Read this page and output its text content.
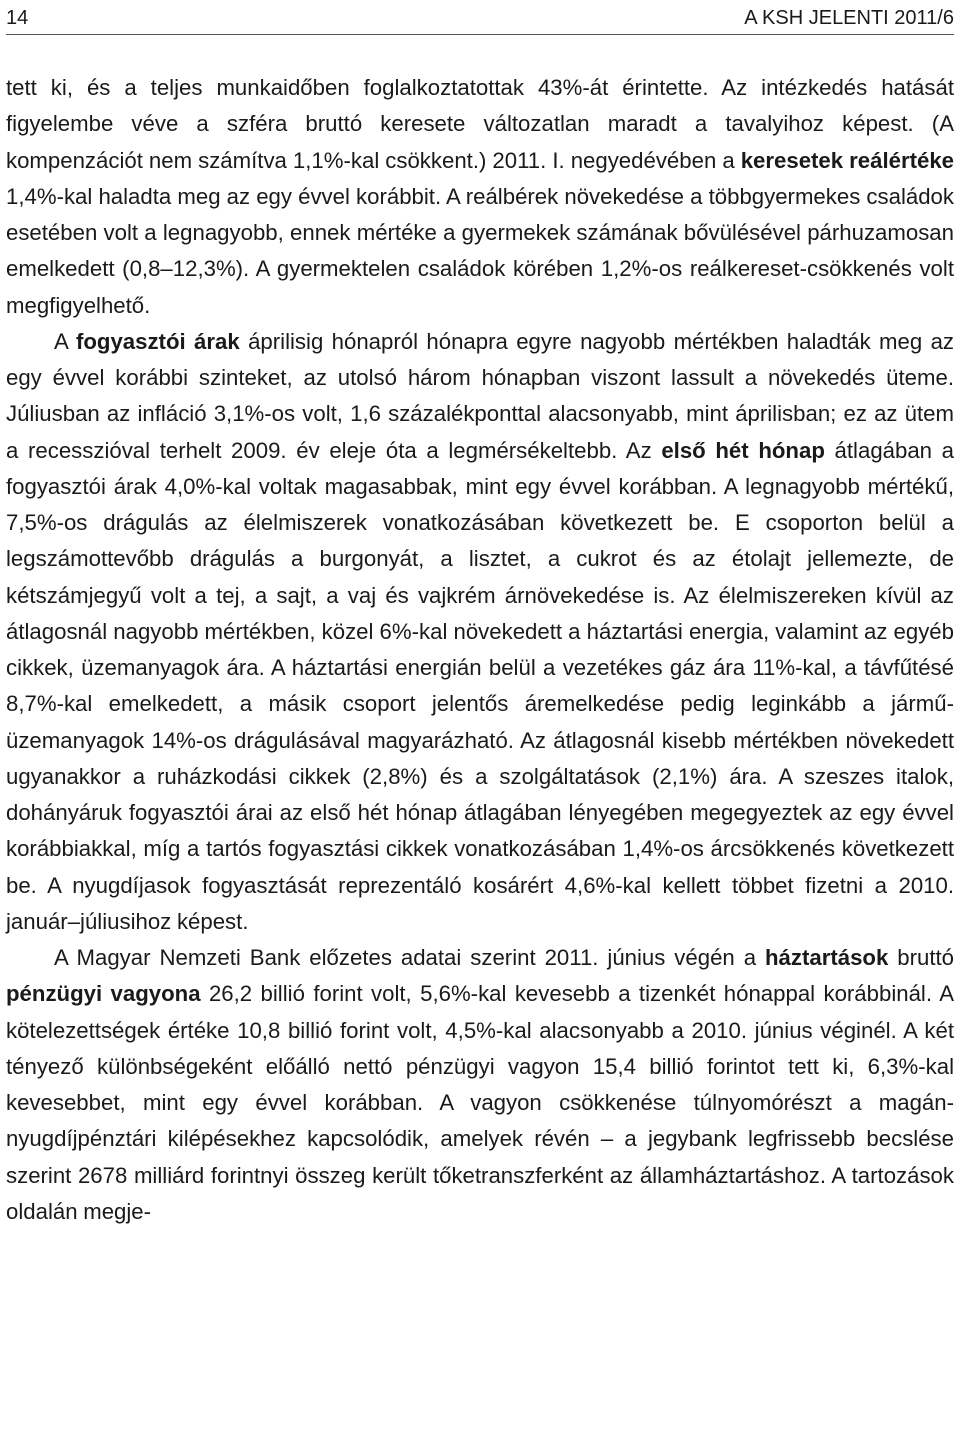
14	A KSH JELENTI 2011/6

tett ki, és a teljes munkaidőben foglalkoztatottak 43%-át érintette. Az intézkedés hatását figyelembe véve a szféra bruttó keresete változatlan maradt a tavalyihoz képest. (A kompenzációt nem számítva 1,1%-kal csökkent.) 2011. I. negyedévében a keresetek reálértéke 1,4%-kal haladta meg az egy évvel korábbit. A reálbérek növekedése a többgyermekes családok esetében volt a legnagyobb, ennek mértéke a gyermekek számának bővülésével párhuzamosan emelkedett (0,8–12,3%). A gyermektelen családok körében 1,2%-os reálkereset-csökkenés volt megfigyelhető.

A fogyasztói árak áprilisig hónapról hónapra egyre nagyobb mértékben haladták meg az egy évvel korábbi szinteket, az utolsó három hónapban viszont lassult a növekedés üteme. Júliusban az infláció 3,1%-os volt, 1,6 százalékponttal alacsonyabb, mint áprilisban; ez az ütem a recesszióval terhelt 2009. év eleje óta a legmérsékeltebb. Az első hét hónap átlagában a fogyasztói árak 4,0%-kal voltak magasabbak, mint egy évvel korábban. A legnagyobb mértékű, 7,5%-os drágulás az élelmiszerek vonatkozásában következett be. E csoporton belül a legszámottevőbb drágulás a burgonyát, a lisztet, a cukrot és az étolajt jellemezte, de kétszámjegyű volt a tej, a sajt, a vaj és vajkrém árnövekedése is. Az élelmiszereken kívül az átlagosnál nagyobb mértékben, közel 6%-kal növekedett a háztartási energia, valamint az egyéb cikkek, üzemanyagok ára. A háztartási energián belül a vezetékes gáz ára 11%-kal, a távfűtésé 8,7%-kal emelkedett, a másik csoport jelentős áremelkedése pedig leginkább a jármű-üzemanyagok 14%-os drágulásával magyarázható. Az átlagosnál kisebb mértékben növekedett ugyanakkor a ruházkodási cikkek (2,8%) és a szolgáltatások (2,1%) ára. A szeszes italok, dohányáruk fogyasztói árai az első hét hónap átlagában lényegében megegyeztek az egy évvel korábbiakkal, míg a tartós fogyasztási cikkek vonatkozásában 1,4%-os árcsökkenés következett be. A nyugdíjasok fogyasztását reprezentáló kosárért 4,6%-kal kellett többet fizetni a 2010. január–júliusihoz képest.

A Magyar Nemzeti Bank előzetes adatai szerint 2011. június végén a háztartások bruttó pénzügyi vagyona 26,2 billió forint volt, 5,6%-kal kevesebb a tizenkét hónappal korábbinál. A kötelezettségek értéke 10,8 billió forint volt, 4,5%-kal alacsonyabb a 2010. június véginél. A két tényező különbségeként előálló nettó pénzügyi vagyon 15,4 billió forintot tett ki, 6,3%-kal kevesebbet, mint egy évvel korábban. A vagyon csökkenése túlnyomórészt a magán-nyugdíjpénztári kilépésekhez kapcsolódik, amelyek révén – a jegybank legfrissebb becslése szerint 2678 milliárd forintnyi összeg került tőketranszferként az államháztartáshoz. A tartozások oldalán megje-
